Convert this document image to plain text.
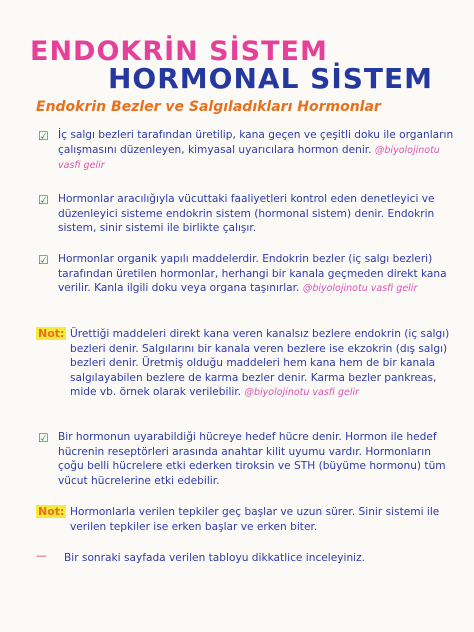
ENDOKRİN SİSTEM
HORMONAL SİSTEM
Endokrin Bezler ve Salgıladıkları Hormonlar
☑ İç salgı bezleri tarafından üretilip, kana geçen ve çeşitli doku ile organların çalışmasını düzenleyen, kimyasal uyarıcılara hormon denir. @biyolojinotu vasfi gelir
☑ Hormonlar aracılığıyla vücuttaki faaliyetleri kontrol eden denetleyici ve düzenleyici sisteme endokrin sistem (hormonal sistem) denir. Endokrin sistem, sinir sistemi ile birlikte çalışır.
☑ Hormonlar organik yapılı maddelerdir. Endokrin bezler (iç salgı bezleri) tarafından üretilen hormonlar, herhangi bir kanala geçmeden direkt kana verilir. Kanla ilgili doku veya organa taşınırlar. @biyolojinotu vasfi gelir
Not: Ürettiği maddeleri direkt kana veren kanalsız bezlere endokrin (iç salgı) bezleri denir. Salgılarını bir kanala veren bezlere ise ekzokrin (dış salgı) bezleri denir. Üretmiş olduğu maddeleri hem kana hem de bir kanala salgılayabilen bezlere de karma bezler denir. Karma bezler pankreas, mide vb. örnek olarak verilebilir. @biyolojinotu vasfi gelir
☑ Bir hormonun uyarabildiği hücreye hedef hücre denir. Hormon ile hedef hücrenin reseptörleri arasında anahtar kilit uyumu vardır. Hormonların çoğu belli hücrelere etki ederken tiroksin ve STH (büyüme hormonu) tüm vücut hücrelerine etki edebilir.
Not: Hormonlarla verilen tepkiler geç başlar ve uzun sürer. Sinir sistemi ile verilen tepkiler ise erken başlar ve erken biter.
— Bir sonraki sayfada verilen tabloyu dikkatlice inceleyiniz.
